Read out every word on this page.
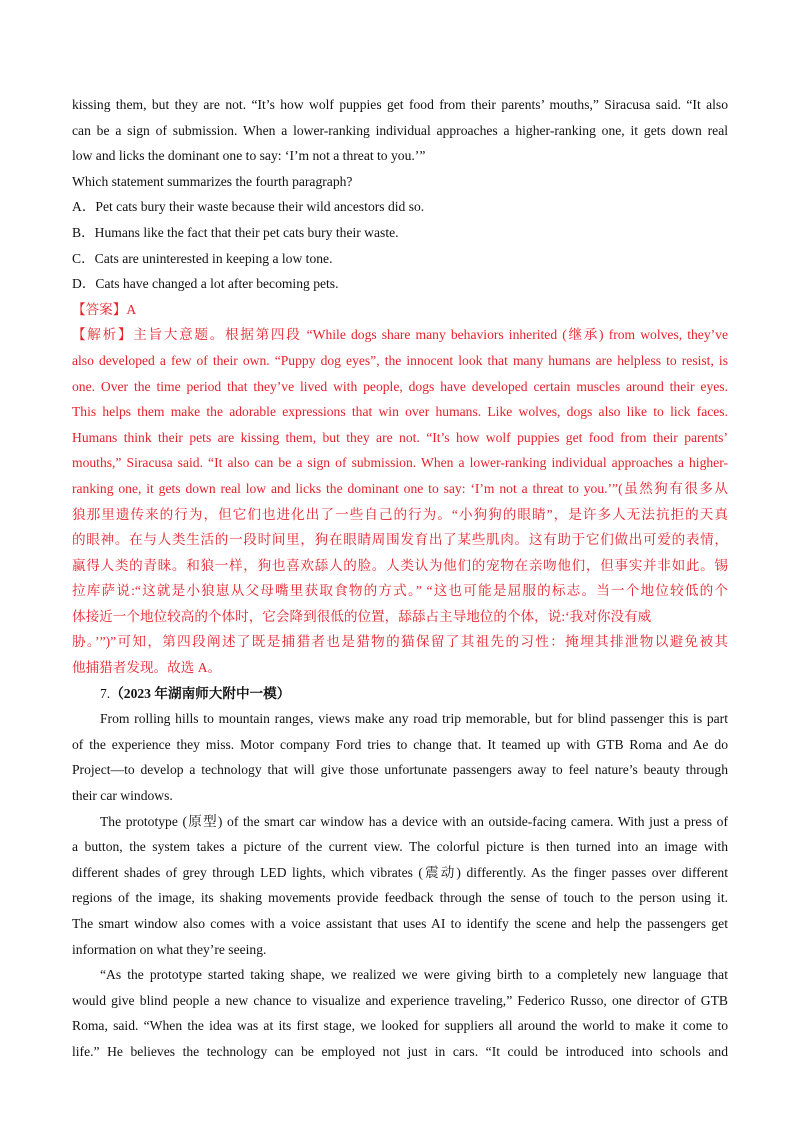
kissing them, but they are not. “It’s how wolf puppies get food from their parents’ mouths,” Siracusa said. “It also
can be a sign of submission. When a lower-ranking individual approaches a higher-ranking one, it gets down real
low and licks the dominant one to say: ‘I’m not a threat to you.’”
Which statement summarizes the fourth paragraph?
A．Pet cats bury their waste because their wild ancestors did so.
B．Humans like the fact that their pet cats bury their waste.
C．Cats are uninterested in keeping a low tone.
D．Cats have changed a lot after becoming pets.
【答案】A
【解析】主旨大意题。根据第四段 “While dogs share many behaviors inherited (继承) from wolves, they’ve
also developed a few of their own. “Puppy dog eyes”, the innocent look that many humans are helpless to resist, is
one. Over the time period that they’ve lived with people, dogs have developed certain muscles around their eyes.
This helps them make the adorable expressions that win over humans. Like wolves, dogs also like to lick faces.
Humans think their pets are kissing them, but they are not. “It’s how wolf puppies get food from their parents’
mouths,” Siracusa said. “It also can be a sign of submission. When a lower-ranking individual approaches a higher-
ranking one, it gets down real low and licks the dominant one to say: ‘I’m not a threat to you.’”(虽然狗有很多从
狼那里遗传来的行为，但它们也进化出了一些自己的行为。“小狗狗的眼睛”，是许多人无法抗拒的天真
的眼神。在与人类生活的一段时间里，狗在眼睛周围发育出了某些肌肉。这有助于它们做出可爱的表情，
赢得人类的青睐。和狼一样，狗也喜欢舔人的脸。人类认为他们的宠物在亲吻他们，但事实并非如此。锡
拉库萨说:“这就是小狼崽从父母嘴里获取食物的方式。” “这也可能是屈服的标志。当一个地位较低的个
体接近一个地位较高的个体时，它会降到很低的位置，舔舔占主导地位的个体，说:‘我对你没有威
胁。’”)”可知，第四段阐述了既是捕猎者也是猎物的猫保留了其祖先的习性：掩埋其排泄物以避免被其
他捕猎者发现。故选 A。
7.（2023 年湖南师大附中一模）
From rolling hills to mountain ranges, views make any road trip memorable, but for blind passenger this is part
of the experience they miss. Motor company Ford tries to change that. It teamed up with GTB Roma and Ae do
Project—to develop a technology that will give those unfortunate passengers away to feel nature’s beauty through
their car windows.
The prototype (原型) of the smart car window has a device with an outside-facing camera. With just a press of
a button, the system takes a picture of the current view. The colorful picture is then turned into an image with
different shades of grey through LED lights, which vibrates (震动) differently. As the finger passes over different
regions of the image, its shaking movements provide feedback through the sense of touch to the person using it.
The smart window also comes with a voice assistant that uses AI to identify the scene and help the passengers get
information on what they’re seeing.
“As the prototype started taking shape, we realized we were giving birth to a completely new language that
would give blind people a new chance to visualize and experience traveling,” Federico Russo, one director of GTB
Roma, said. “When the idea was at its first stage, we looked for suppliers all around the world to make it come to
life.” He believes the technology can be employed not just in cars. “It could be introduced into schools and
